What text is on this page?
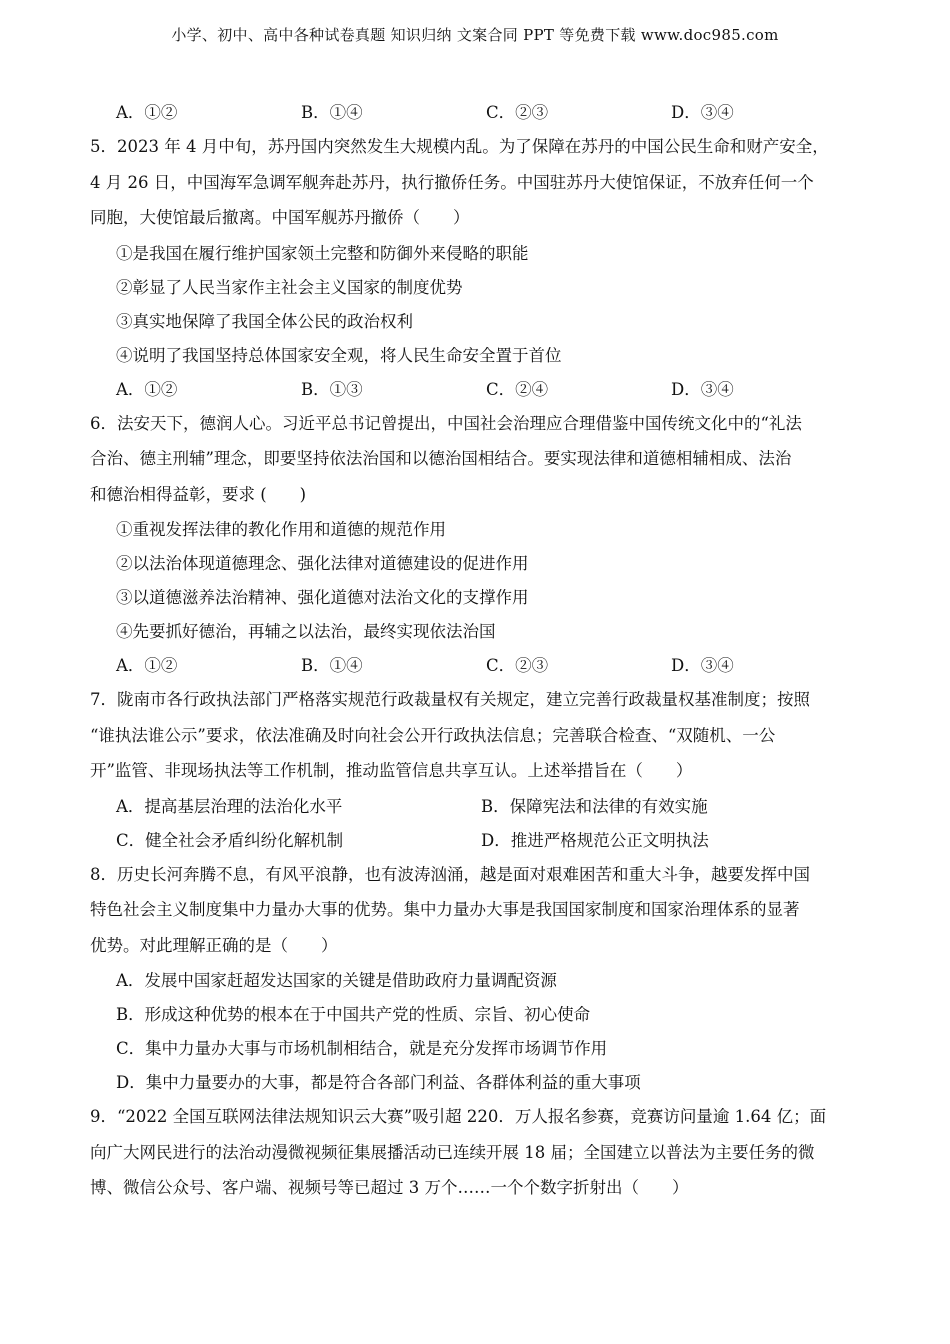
小学、初中、高中各种试卷真题 知识归纳 文案合同 PPT 等免费下载 www.doc985.com
A．①②	B．①④	C．②③	D．③④
5．2023 年 4 月中旬，苏丹国内突然发生大规模内乱。为了保障在苏丹的中国公民生命和财产安全，
4 月 26 日，中国海军急调军舰奔赴苏丹，执行撤侨任务。中国驻苏丹大使馆保证，不放弃任何一个
同胞，大使馆最后撤离。中国军舰苏丹撤侨（　　）
①是我国在履行维护国家领土完整和防御外来侵略的职能
②彰显了人民当家作主社会主义国家的制度优势
③真实地保障了我国全体公民的政治权利
④说明了我国坚持总体国家安全观，将人民生命安全置于首位
A．①②	B．①③	C．②④	D．③④
6．法安天下，德润人心。习近平总书记曾提出，中国社会治理应合理借鉴中国传统文化中的“礼法
合治、德主刑辅”理念，即要坚持依法治国和以德治国相结合。要实现法律和道德相辅相成、法治
和德治相得益彰，要求 (　　)
①重视发挥法律的教化作用和道德的规范作用
②以法治体现道德理念、强化法律对道德建设的促进作用
③以道德滋养法治精神、强化道德对法治文化的支撑作用
④先要抓好德治，再辅之以法治，最终实现依法治国
A．①②	B．①④	C．②③	D．③④
7．陇南市各行政执法部门严格落实规范行政裁量权有关规定，建立完善行政裁量权基准制度；按照
“谁执法谁公示”要求，依法准确及时向社会公开行政执法信息；完善联合检查、“双随机、一公
开”监管、非现场执法等工作机制，推动监管信息共享互认。上述举措旨在（　　）
A．提高基层治理的法治化水平	B．保障宪法和法律的有效实施
C．健全社会矛盾纠纷化解机制	D．推进严格规范公正文明执法
8．历史长河奔腾不息，有风平浪静，也有波涛汹涌，越是面对艰难困苦和重大斗争，越要发挥中国
特色社会主义制度集中力量办大事的优势。集中力量办大事是我国国家制度和国家治理体系的显著
优势。对此理解正确的是（　　）
A．发展中国家赶超发达国家的关键是借助政府力量调配资源
B．形成这种优势的根本在于中国共产党的性质、宗旨、初心使命
C．集中力量办大事与市场机制相结合，就是充分发挥市场调节作用
D．集中力量要办的大事，都是符合各部门利益、各群体利益的重大事项
9．“2022 全国互联网法律法规知识云大赛”吸引超 220．万人报名参赛，竞赛访问量逾 1.64 亿；面
向广大网民进行的法治动漫微视频征集展播活动已连续开展 18 届；全国建立以普法为主要任务的微
博、微信公众号、客户端、视频号等已超过 3 万个……一个个数字折射出（　　）
